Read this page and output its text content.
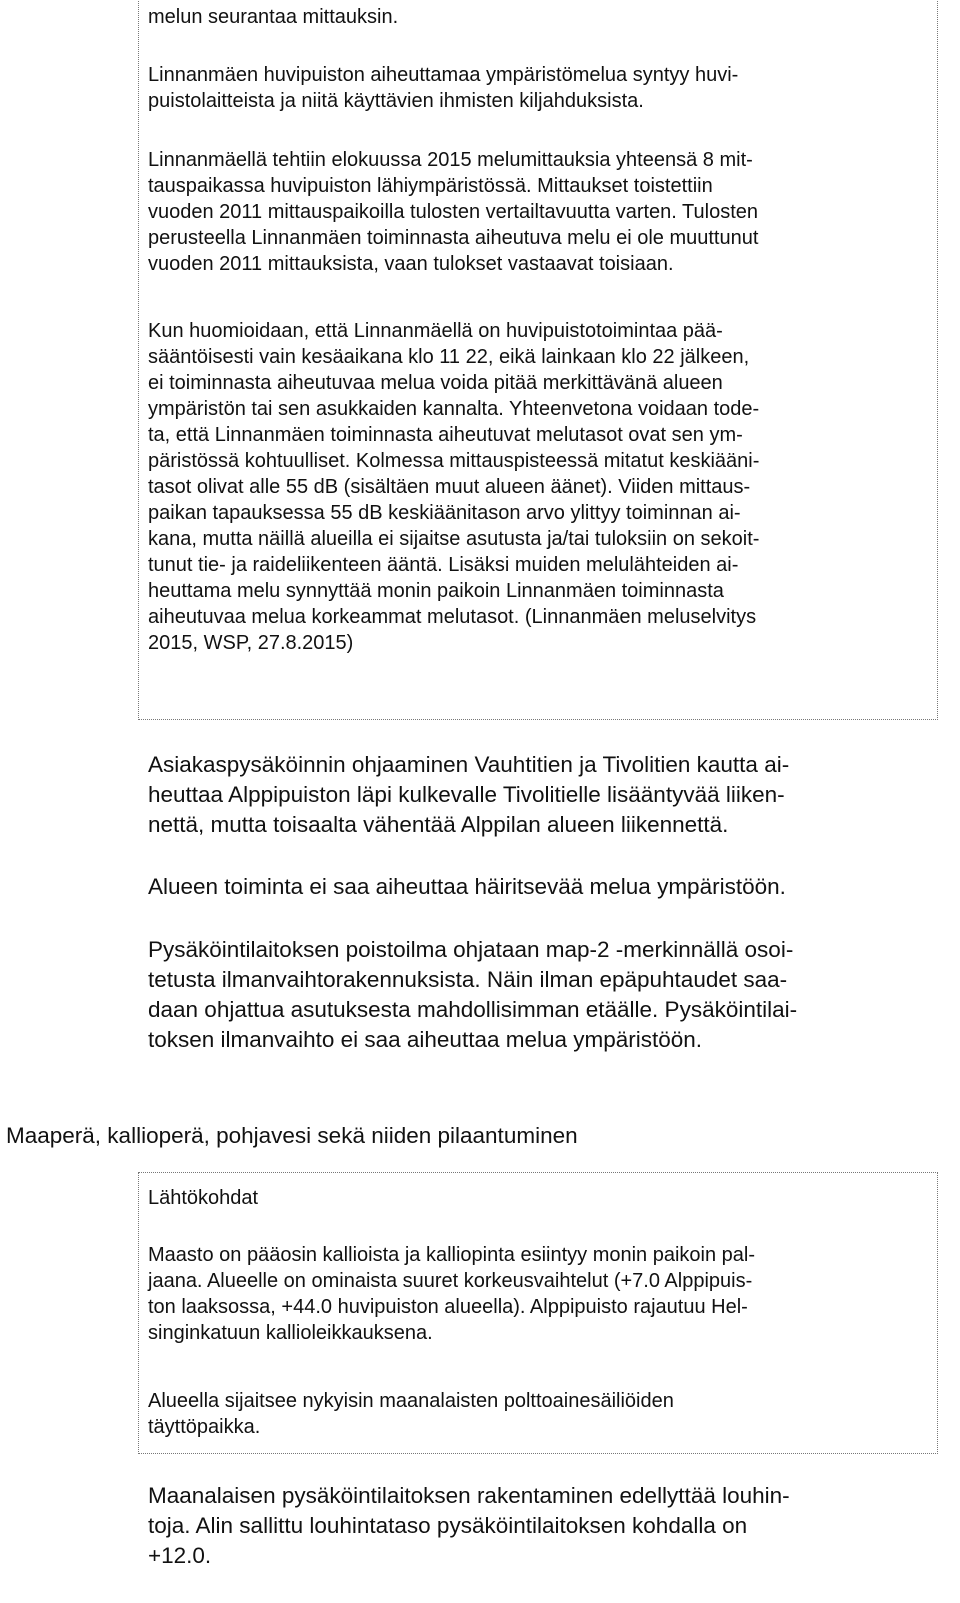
melun seurantaa mittauksin.
Linnanmäen huvipuiston aiheuttamaa ympäristömelua syntyy huvi-
puistolaitteista ja niitä käyttävien ihmisten kiljahduksista.
Linnanmäellä tehtiin elokuussa 2015 melumittauksia yhteensä 8 mit-
tauspaikassa huvipuiston lähiympäristössä. Mittaukset toistettiin
vuoden 2011 mittauspaikoilla tulosten vertailtavuutta varten. Tulosten
perusteella Linnanmäen toiminnasta aiheutuva melu ei ole muuttunut
vuoden 2011 mittauksista, vaan tulokset vastaavat toisiaan.
Kun huomioidaan, että Linnanmäellä on huvipuistotoimintaa pää-
sääntöisesti vain kesäaikana klo 11 22, eikä lainkaan klo 22 jälkeen,
ei toiminnasta aiheutuvaa melua voida pitää merkittävänä alueen
ympäristön tai sen asukkaiden kannalta. Yhteenvetona voidaan tode-
ta, että Linnanmäen toiminnasta aiheutuvat melutasot ovat sen ym-
päristössä kohtuulliset. Kolmessa mittauspisteessä mitatut keskiääni-
tasot olivat alle 55 dB (sisältäen muut alueen äänet). Viiden mittaus-
paikan tapauksessa 55 dB keskiäänitason arvo ylittyy toiminnan ai-
kana, mutta näillä alueilla ei sijaitse asutusta ja/tai tuloksiin on sekoit-
tunut tie- ja raideliikenteen ääntä. Lisäksi muiden melulähteiden ai-
heuttama melu synnyttää monin paikoin Linnanmäen toiminnasta
aiheutuvaa melua korkeammat melutasot. (Linnanmäen meluselvitys
2015, WSP, 27.8.2015)
Asiakaspysäköinnin ohjaaminen Vauhtitien ja Tivolitien kautta ai-
heuttaa Alppipuiston läpi kulkevalle Tivolitielle lisääntyvää liiken-
nettä, mutta toisaalta vähentää Alppilan alueen liikennettä.
Alueen toiminta ei saa aiheuttaa häiritsevää melua ympäristöön.
Pysäköintilaitoksen poistoilma ohjataan map-2 -merkinnällä osoi-
tetusta ilmanvaihtorakennuksista. Näin ilman epäpuhtaudet saa-
daan ohjattua asutuksesta mahdollisimman etäälle. Pysäköintilai-
toksen ilmanvaihto ei saa aiheuttaa melua ympäristöön.
Maaperä, kallioperä, pohjavesi sekä niiden pilaantuminen
Lähtökohdat
Maasto on pääosin kallioista ja kalliopinta esiintyy monin paikoin pal-
jaana. Alueelle on ominaista suuret korkeusvaihtelut (+7.0 Alppipuis-
ton laaksossa, +44.0 huvipuiston alueella). Alppipuisto rajautuu Hel-
singinkatuun kallioleikkauksena.
Alueella sijaitsee nykyisin maanalaisten polttoainesäiliöiden
täyttöpaikka.
Maanalaisen pysäköintilaitoksen rakentaminen edellyttää louhin-
toja. Alin sallittu louhintataso pysäköintilaitoksen kohdalla on
+12.0.
